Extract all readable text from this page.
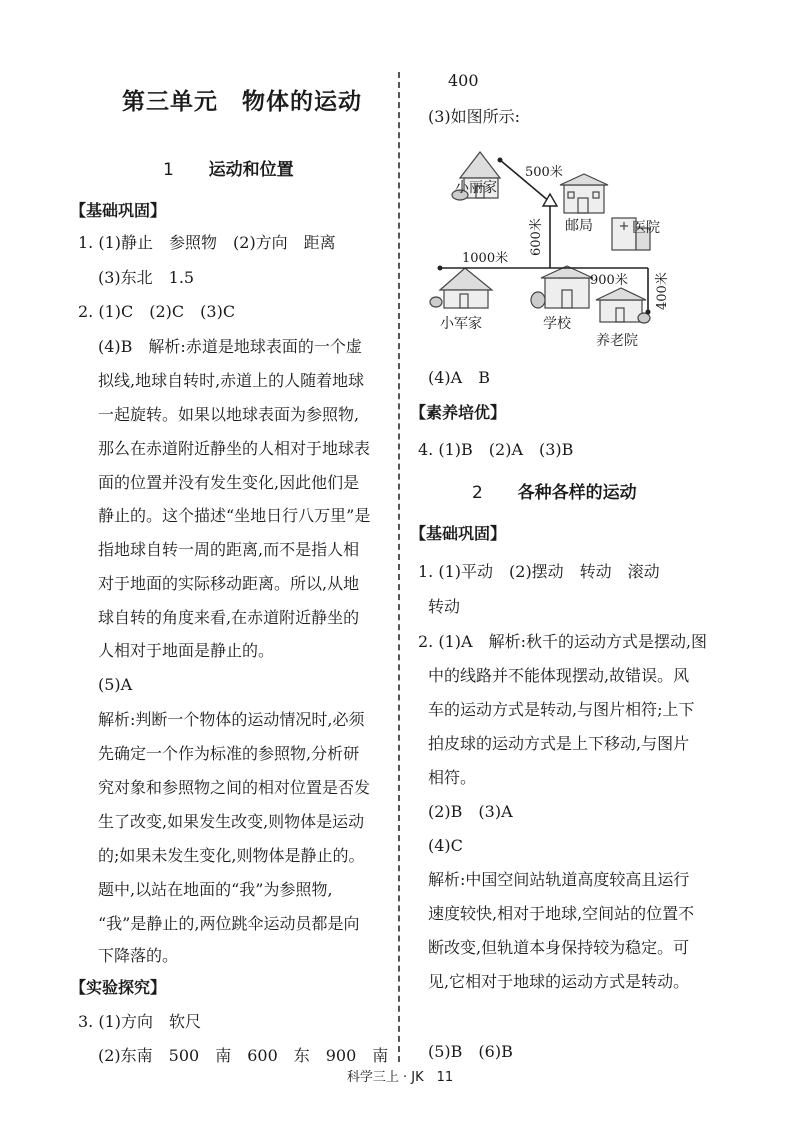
第三单元　物体的运动
1 运动和位置
【基础巩固】
1. (1)静止　参照物　(2)方向　距离
(3)东北　1.5
2. (1)C　(2)C　(3)C
(4)B　解析:赤道是地球表面的一个虚
拟线,地球自转时,赤道上的人随着地球
一起旋转。如果以地球表面为参照物,
那么在赤道附近静坐的人相对于地球表
面的位置并没有发生变化,因此他们是
静止的。这个描述“坐地日行八万里”是
指地球自转一周的距离,而不是指人相
对于地面的实际移动距离。所以,从地
球自转的角度来看,在赤道附近静坐的
人相对于地面是静止的。
(5)A
解析:判断一个物体的运动情况时,必须
先确定一个作为标准的参照物,分析研
究对象和参照物之间的相对位置是否发
生了改变,如果发生改变,则物体是运动
的;如果未发生变化,则物体是静止的。
题中,以站在地面的“我”为参照物,
“我”是静止的,两位跳伞运动员都是向
下降落的。
【实验探究】
3. (1)方向　软尺
(2)东南　500　南　600　东　900　南
400
(3)如图所示:
小丽家
500米
邮局	医院
600米
1000米
900米 400米
小军家	学校
养老院
(4)A　B
【素养培优】
4. (1)B　(2)A　(3)B
2 各种各样的运动
【基础巩固】
1. (1)平动　(2)摆动　转动　滚动
转动
2. (1)A　解析:秋千的运动方式是摆动,图
中的线路并不能体现摆动,故错误。风
车的运动方式是转动,与图片相符;上下
拍皮球的运动方式是上下移动,与图片
相符。
(2)B　(3)A
(4)C
解析:中国空间站轨道高度较高且运行
速度较快,相对于地球,空间站的位置不
断改变,但轨道本身保持较为稳定。可
见,它相对于地球的运动方式是转动。
(5)B　(6)B
科学三上 · JK　11
